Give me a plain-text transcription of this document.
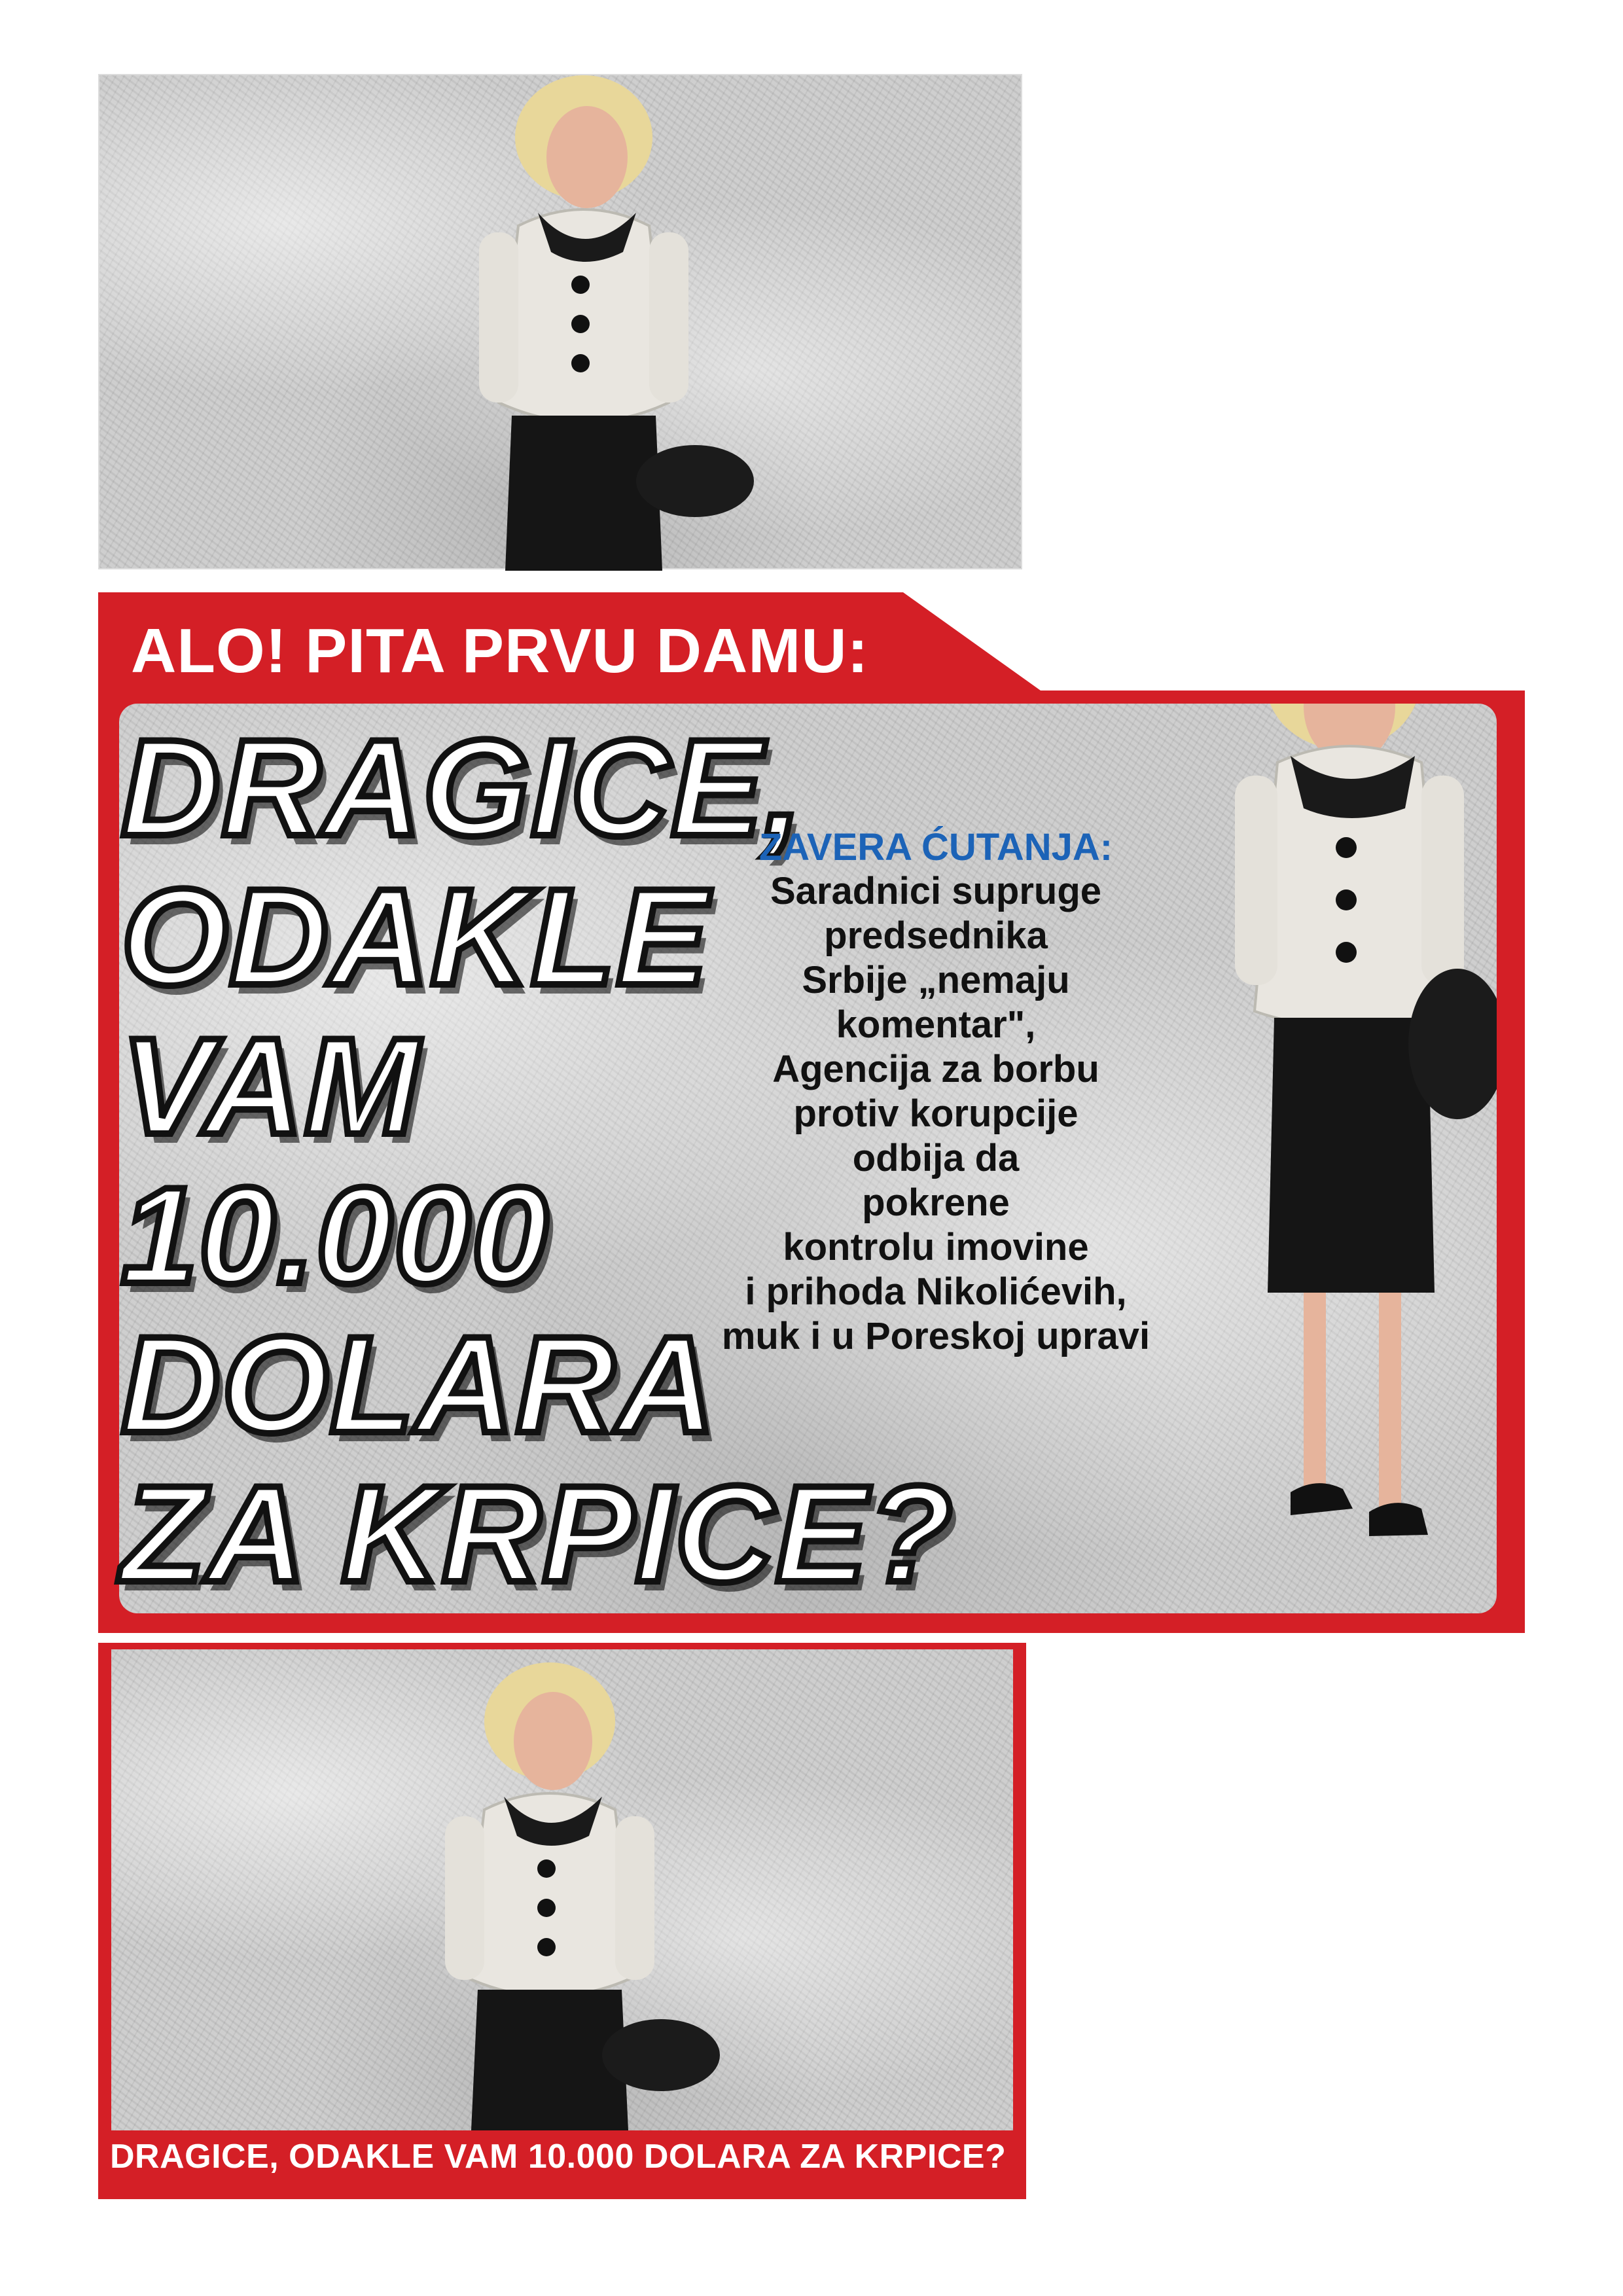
ALO! PITA PRVU DAMU:
DRAGICE,
ODAKLE
VAM
10.000
DOLARA
ZA KRPICE?
ZAVERA ĆUTANJA:
Saradnici supruge
predsednika
Srbije „nemaju
komentar",
Agencija za borbu
protiv korupcije
odbija da
pokrene
kontrolu imovine
i prihoda Nikolićevih,
muk i u Poreskoj upravi
DRAGICE, ODAKLE VAM 10.000 DOLARA ZA KRPICE?
